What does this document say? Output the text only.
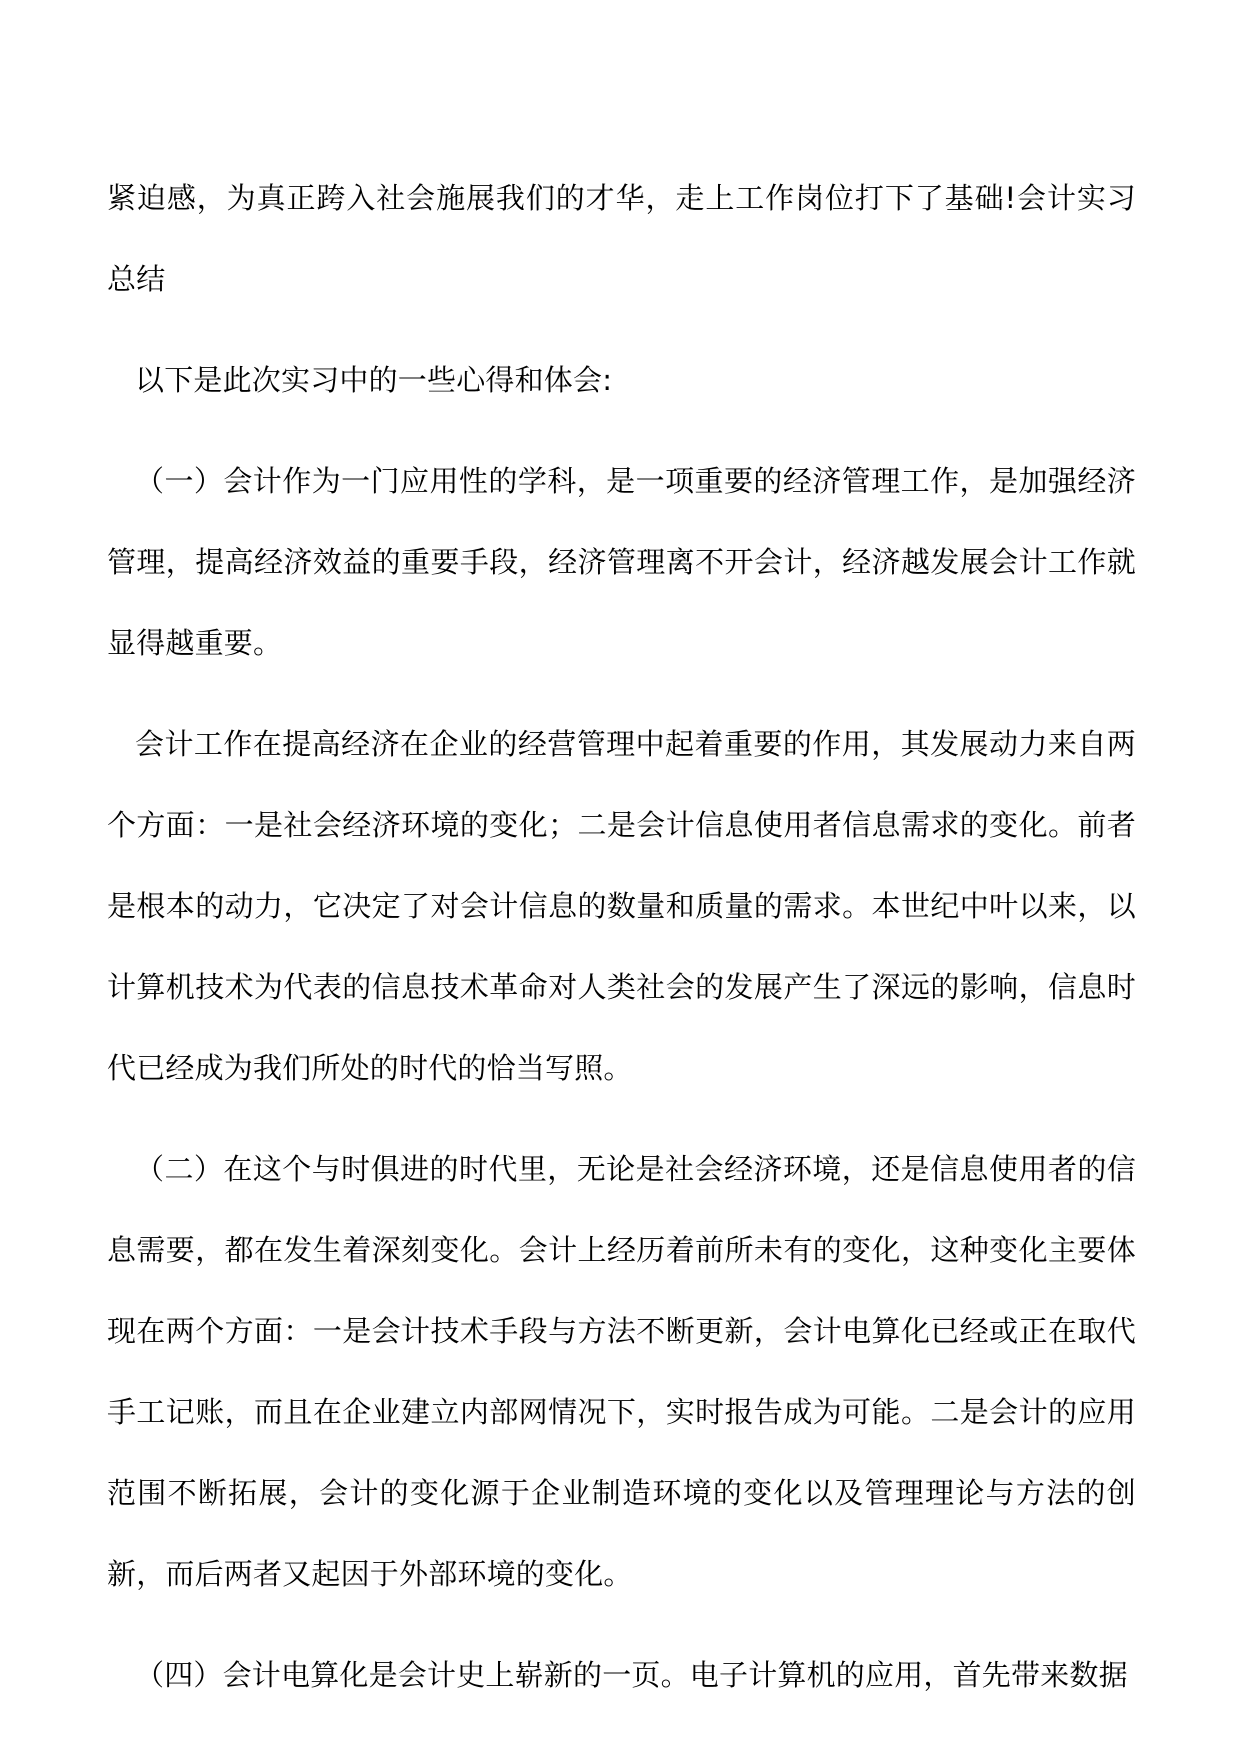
紧迫感，为真正跨入社会施展我们的才华，走上工作岗位打下了基础!会计实习总结

以下是此次实习中的一些心得和体会:

（一）会计作为一门应用性的学科，是一项重要的经济管理工作，是加强经济管理，提高经济效益的重要手段，经济管理离不开会计，经济越发展会计工作就显得越重要。

会计工作在提高经济在企业的经营管理中起着重要的作用，其发展动力来自两个方面：一是社会经济环境的变化；二是会计信息使用者信息需求的变化。前者是根本的动力，它决定了对会计信息的数量和质量的需求。本世纪中叶以来，以计算机技术为代表的信息技术革命对人类社会的发展产生了深远的影响，信息时代已经成为我们所处的时代的恰当写照。

（二）在这个与时俱进的时代里，无论是社会经济环境，还是信息使用者的信息需要，都在发生着深刻变化。会计上经历着前所未有的变化，这种变化主要体现在两个方面：一是会计技术手段与方法不断更新，会计电算化已经或正在取代手工记账，而且在企业建立内部网情况下，实时报告成为可能。二是会计的应用范围不断拓展，会计的变化源于企业制造环境的变化以及管理理论与方法的创新，而后两者又起因于外部环境的变化。

（四）会计电算化是会计史上崭新的一页。电子计算机的应用，首先带来数据
